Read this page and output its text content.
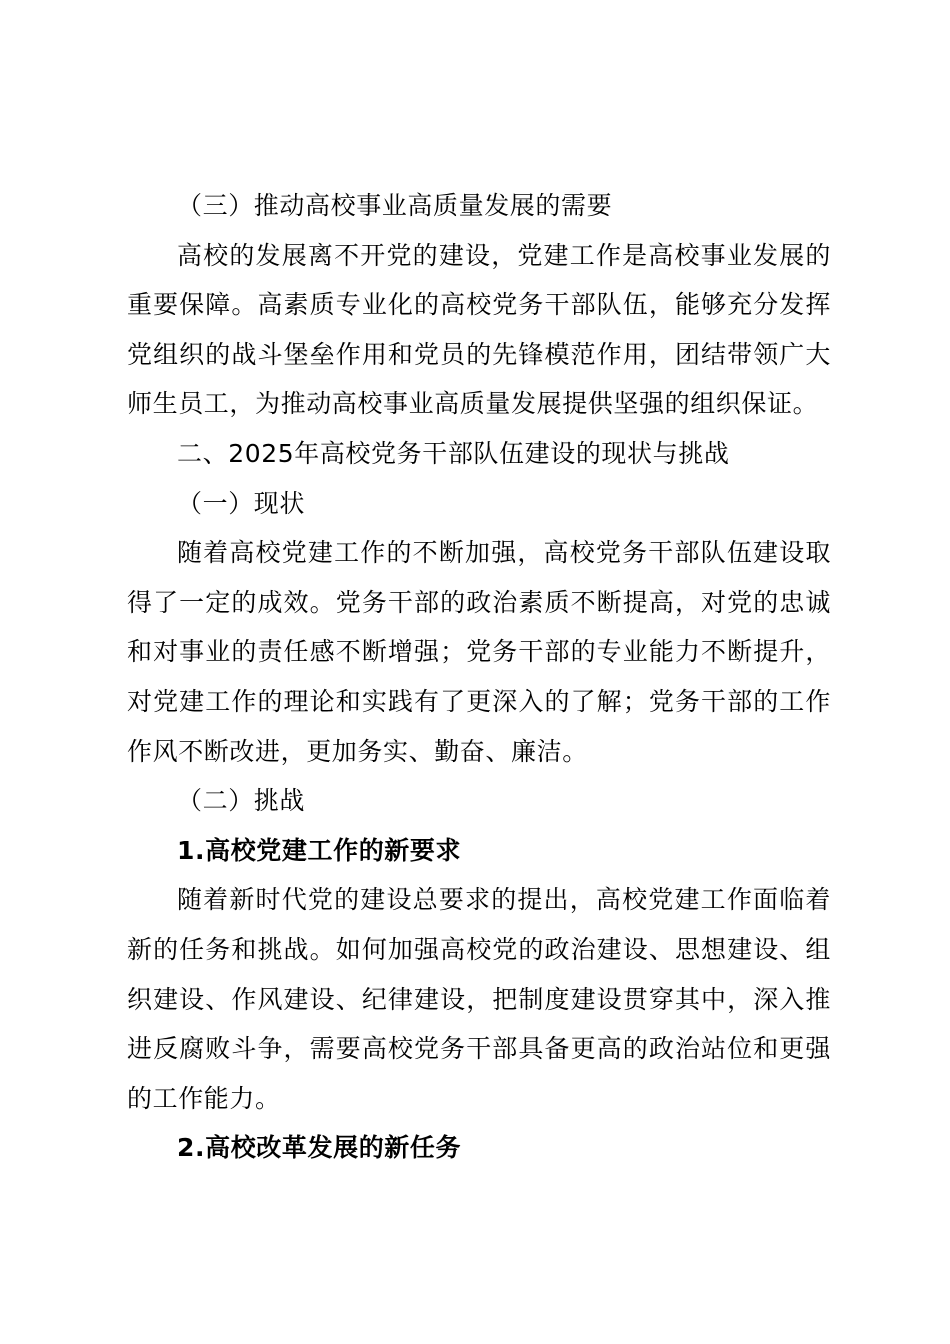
（三）推动高校事业高质量发展的需要

高校的发展离不开党的建设，党建工作是高校事业发展的重要保障。高素质专业化的高校党务干部队伍，能够充分发挥党组织的战斗堡垒作用和党员的先锋模范作用，团结带领广大师生员工，为推动高校事业高质量发展提供坚强的组织保证。

二、2025年高校党务干部队伍建设的现状与挑战

（一）现状

随着高校党建工作的不断加强，高校党务干部队伍建设取得了一定的成效。党务干部的政治素质不断提高，对党的忠诚和对事业的责任感不断增强；党务干部的专业能力不断提升，对党建工作的理论和实践有了更深入的了解；党务干部的工作作风不断改进，更加务实、勤奋、廉洁。

（二）挑战

1.高校党建工作的新要求

随着新时代党的建设总要求的提出，高校党建工作面临着新的任务和挑战。如何加强高校党的政治建设、思想建设、组织建设、作风建设、纪律建设，把制度建设贯穿其中，深入推进反腐败斗争，需要高校党务干部具备更高的政治站位和更强的工作能力。

2.高校改革发展的新任务
